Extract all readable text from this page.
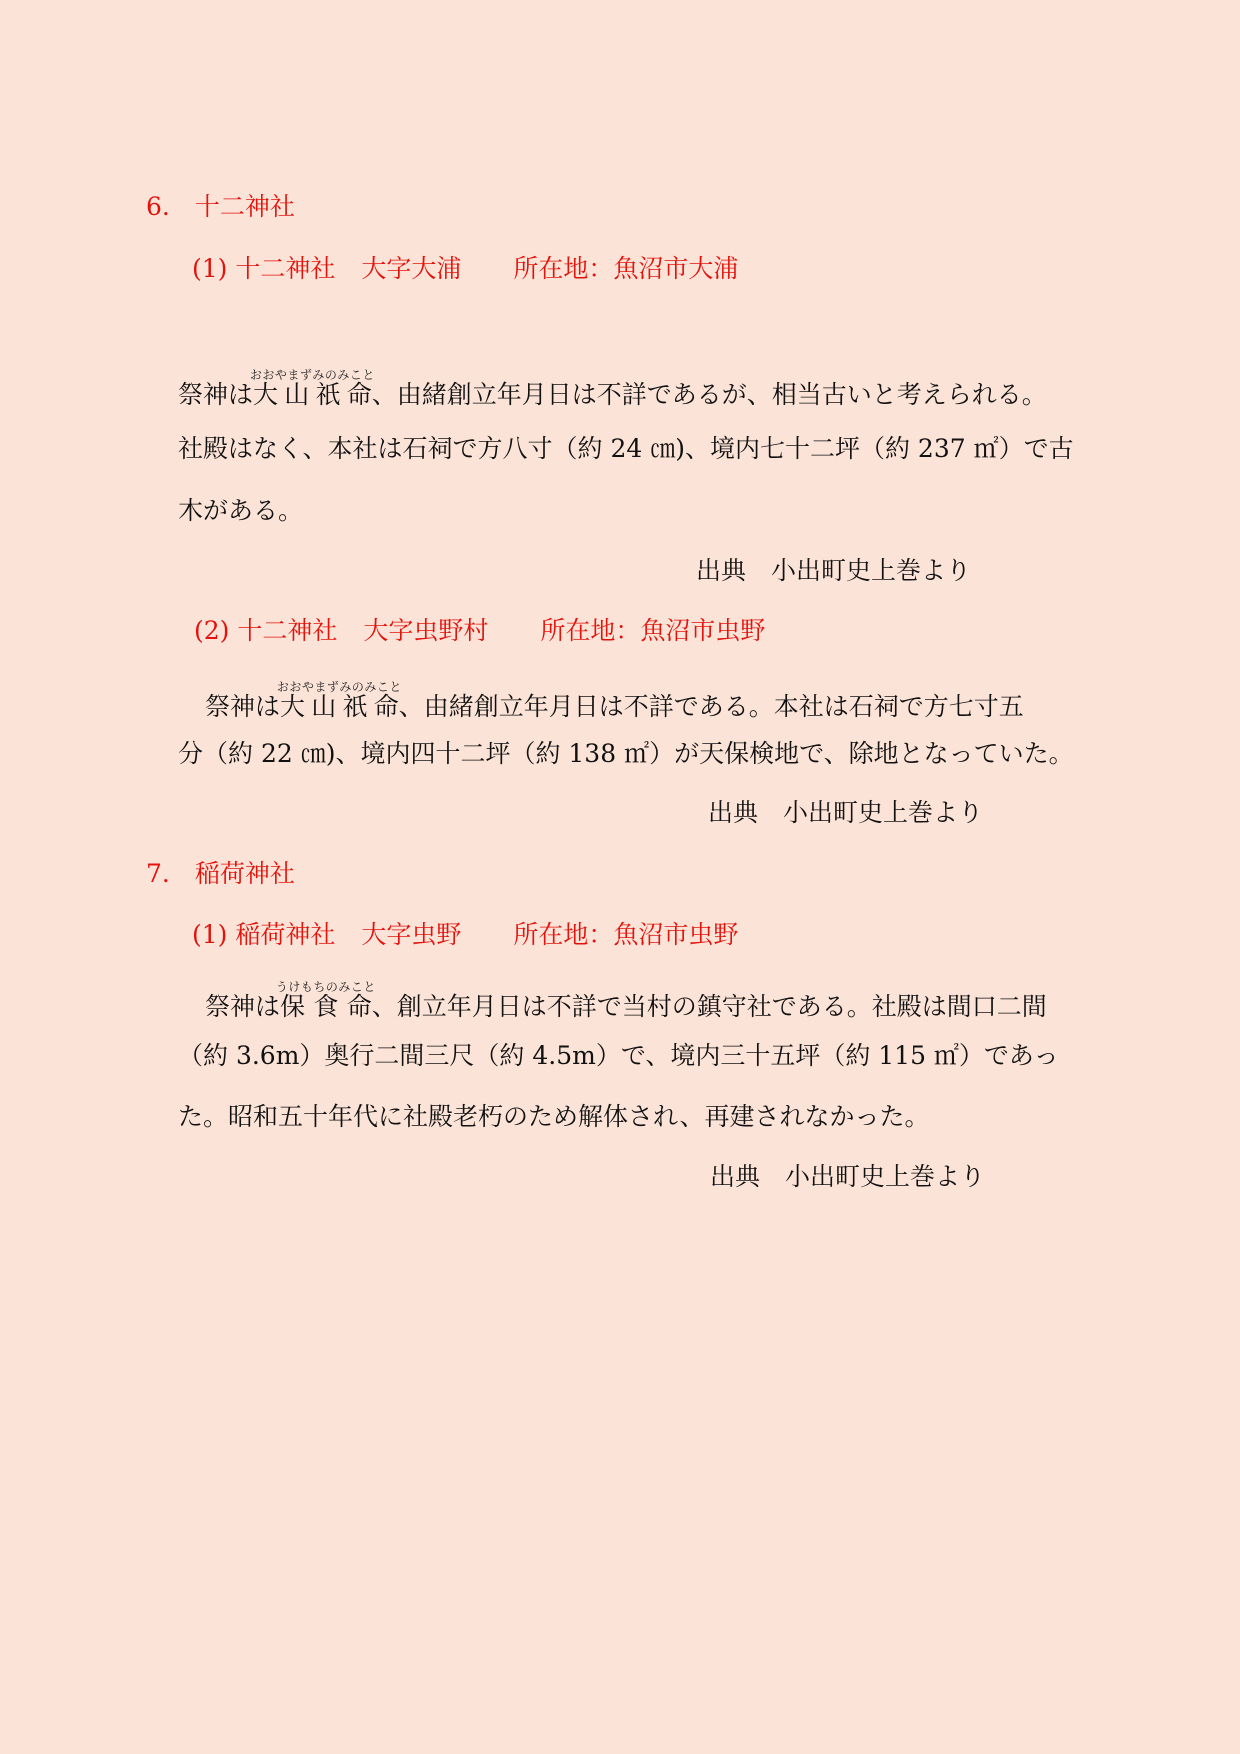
6.　十二神社
(1) 十二神社 大字大浦 所在地：魚沼市大浦
祭神は大山祇命おおやまずみのみこと、由緒創立年月日は不詳であるが、相当古いと考えられる。
社殿はなく、本社は石祠で方八寸（約 24 ㎝)、境内七十二坪（約 237 ㎡）で古
木がある。
出典　小出町史上巻より
(2) 十二神社 大字虫野村 所在地：魚沼市虫野
祭神は大山祇命おおやまずみのみこと、由緒創立年月日は不詳である。本社は石祠で方七寸五
分（約 22 ㎝)、境内四十二坪（約 138 ㎡）が天保検地で、除地となっていた。
出典　小出町史上巻より
7.　稲荷神社
(1) 稲荷神社 大字虫野 所在地：魚沼市虫野
祭神は保食命うけもちのみこと、創立年月日は不詳で当村の鎮守社である。社殿は間口二間
（約 3.6m）奥行二間三尺（約 4.5m）で、境内三十五坪（約 115 ㎡）であっ
た。昭和五十年代に社殿老朽のため解体され、再建されなかった。
出典　小出町史上巻より
